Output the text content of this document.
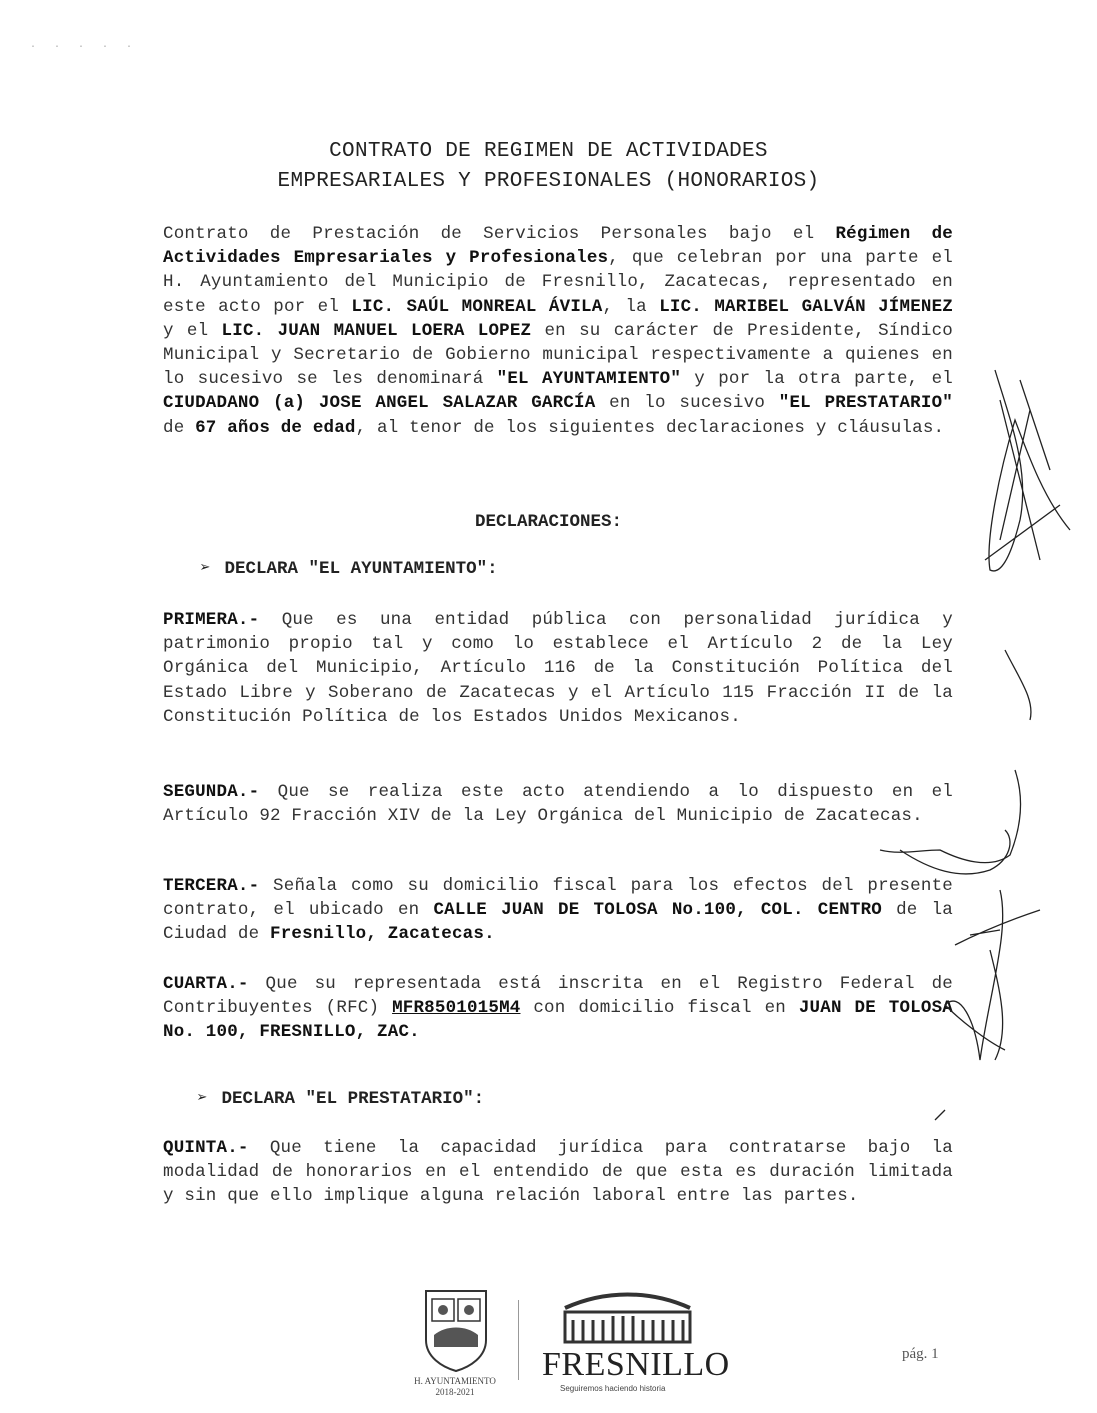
. . . . .
CONTRATO DE REGIMEN DE ACTIVIDADES
EMPRESARIALES Y PROFESIONALES (HONORARIOS)
Contrato de Prestación de Servicios Personales bajo el Régimen de Actividades Empresariales y Profesionales, que celebran por una parte el H. Ayuntamiento del Municipio de Fresnillo, Zacatecas, representado en este acto por el LIC. SAÚL MONREAL ÁVILA, la LIC. MARIBEL GALVÁN JÍMENEZ y el LIC. JUAN MANUEL LOERA LOPEZ en su carácter de Presidente, Síndico Municipal y Secretario de Gobierno municipal respectivamente a quienes en lo sucesivo se les denominará "EL AYUNTAMIENTO" y por la otra parte, el CIUDADANO (a) JOSE ANGEL SALAZAR GARCÍA en lo sucesivo "EL PRESTATARIO" de 67 años de edad, al tenor de los siguientes declaraciones y cláusulas.
DECLARACIONES:
➢ DECLARA "EL AYUNTAMIENTO":
PRIMERA.- Que es una entidad pública con personalidad jurídica y patrimonio propio tal y como lo establece el Artículo 2 de la Ley Orgánica del Municipio, Artículo 116 de la Constitución Política del Estado Libre y Soberano de Zacatecas y el Artículo 115 Fracción II de la Constitución Política de los Estados Unidos Mexicanos.
SEGUNDA.- Que se realiza este acto atendiendo a lo dispuesto en el Artículo 92 Fracción XIV de la Ley Orgánica del Municipio de Zacatecas.
TERCERA.- Señala como su domicilio fiscal para los efectos del presente contrato, el ubicado en CALLE JUAN DE TOLOSA No.100, COL. CENTRO de la Ciudad de Fresnillo, Zacatecas.
CUARTA.- Que su representada está inscrita en el Registro Federal de Contribuyentes (RFC) MFR8501015M4 con domicilio fiscal en JUAN DE TOLOSA No. 100, FRESNILLO, ZAC.
➢ DECLARA "EL PRESTATARIO":
QUINTA.- Que tiene la capacidad jurídica para contratarse bajo la modalidad de honorarios en el entendido de que esta es duración limitada y sin que ello implique alguna relación laboral entre las partes.
H. AYUNTAMIENTO
2018-2021
FRESNILLO
Seguiremos haciendo historia
pág. 1
